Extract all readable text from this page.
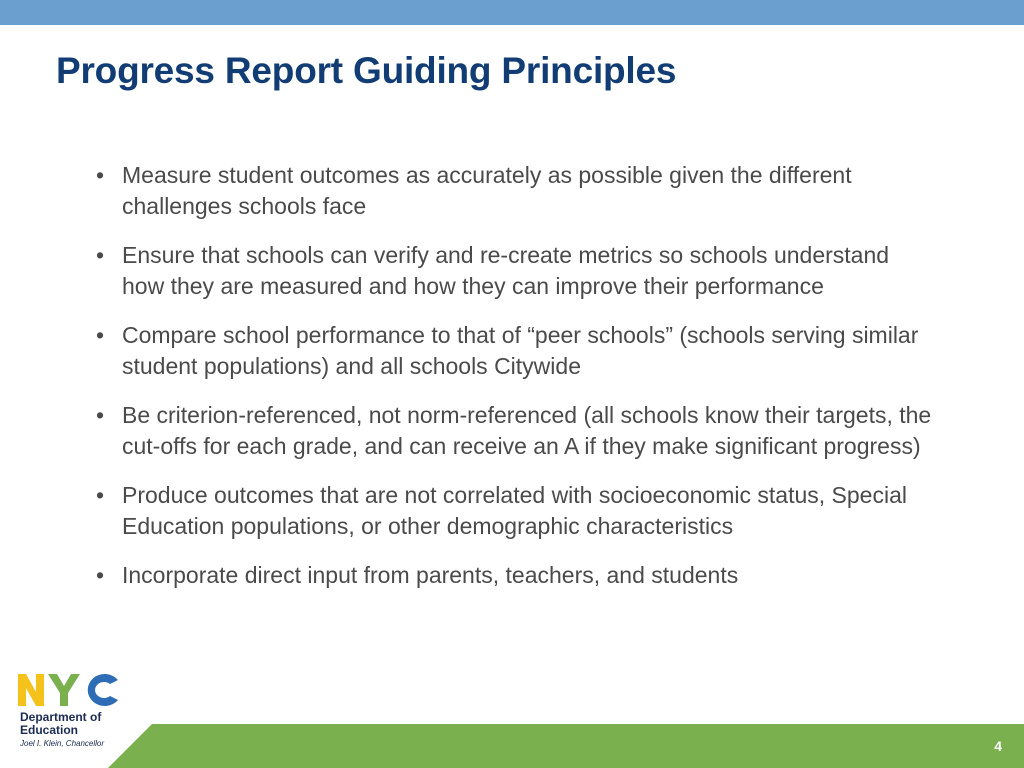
Progress Report Guiding Principles
• Measure student outcomes as accurately as possible given the different challenges schools face
• Ensure that schools can verify and re-create metrics so schools understand how they are measured and how they can improve their performance
• Compare school performance to that of “peer schools” (schools serving similar student populations) and all schools Citywide
• Be criterion-referenced, not norm-referenced (all schools know their targets, the cut-offs for each grade, and can receive an A if they make significant progress)
• Produce outcomes that are not correlated with socioeconomic status, Special Education populations, or other demographic characteristics
• Incorporate direct input from parents, teachers, and students
Department of
Education
Joel I. Klein, Chancellor	4
